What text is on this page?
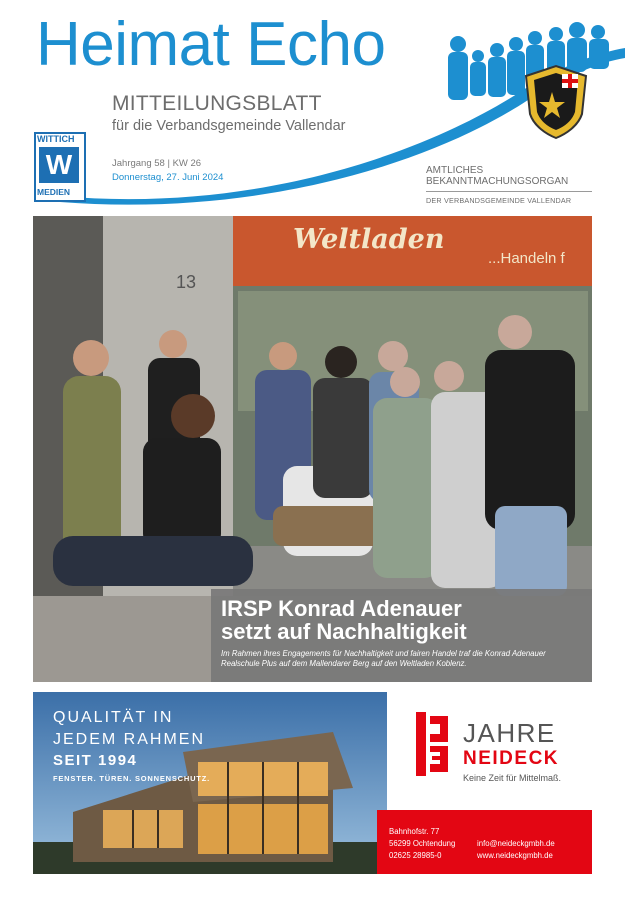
Heimat Echo
MITTEILUNGSBLATT
für die Verbandsgemeinde Vallendar
Jahrgang 58 | KW 26
Donnerstag, 27. Juni 2024
AMTLICHES
BEKANNTMACHUNGSORGAN
DER VERBANDSGEMEINDE VALLENDAR
WITTICH
W
MEDIEN
Weltladen
...Handeln f
13
IRSP Konrad Adenauer
setzt auf Nachhaltigkeit
Im Rahmen ihres Engagements für Nachhaltigkeit und fairen Handel traf die Konrad Adenauer Realschule Plus auf dem Mallendarer Berg auf den Weltladen Koblenz.
QUALITÄT IN
JEDEM RAHMEN
SEIT 1994
FENSTER. TÜREN. SONNENSCHUTZ.
JAHRE
NEIDECK
Keine Zeit für Mittelmaß.
Bahnhofstr. 77
56299 Ochtendung
02625 28985-0
info@neideckgmbh.de
www.neideckgmbh.de
